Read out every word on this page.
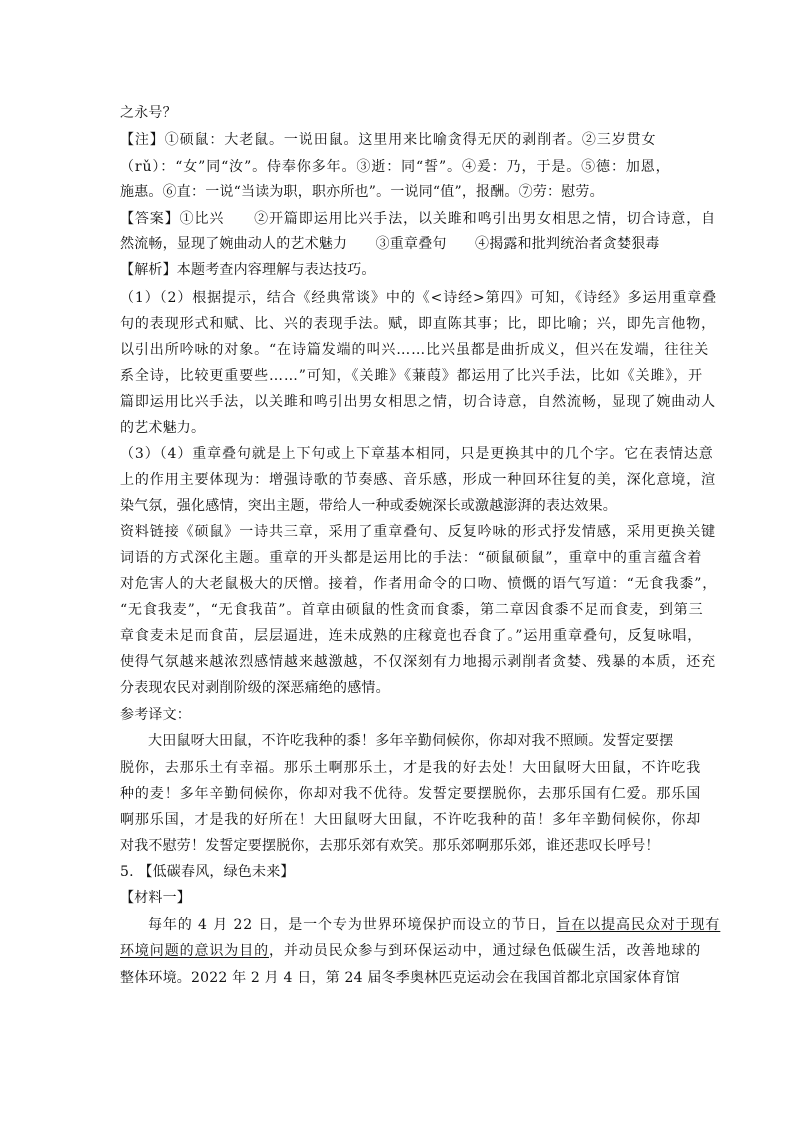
之永号？
【注】①硕鼠：大老鼠。一说田鼠。这里用来比喻贪得无厌的剥削者。②三岁贯女
（rǔ）：“女”同“汝”。侍奉你多年。③逝：同“誓”。④爰：乃，于是。⑤德：加恩，
施惠。⑥直：一说“当读为职，职亦所也”。一说同“值”，报酬。⑦劳：慰劳。
【答案】①比兴　　②开篇即运用比兴手法，以关雎和鸣引出男女相思之情，切合诗意，自
然流畅，显现了婉曲动人的艺术魅力　　③重章叠句　　④揭露和批判统治者贪婪狠毒
【解析】本题考查内容理解与表达技巧。
（1）（2）根据提示，结合《经典常谈》中的《<诗经>第四》可知，《诗经》多运用重章叠
句的表现形式和赋、比、兴的表现手法。赋，即直陈其事；比，即比喻；兴，即先言他物，
以引出所吟咏的对象。“在诗篇发端的叫兴……比兴虽都是曲折成义，但兴在发端，往往关
系全诗，比较更重要些……”可知，《关雎》《蒹葭》都运用了比兴手法，比如《关雎》，开
篇即运用比兴手法，以关雎和鸣引出男女相思之情，切合诗意，自然流畅，显现了婉曲动人
的艺术魅力。
（3）（4）重章叠句就是上下句或上下章基本相同，只是更换其中的几个字。它在表情达意
上的作用主要体现为：增强诗歌的节奏感、音乐感，形成一种回环往复的美，深化意境，渲
染气氛，强化感情，突出主题，带给人一种或委婉深长或激越澎湃的表达效果。
资料链接《硕鼠》一诗共三章，采用了重章叠句、反复吟咏的形式抒发情感，采用更换关键
词语的方式深化主题。重章的开头都是运用比的手法：“硕鼠硕鼠”，重章中的重言蕴含着
对危害人的大老鼠极大的厌憎。接着，作者用命令的口吻、愤慨的语气写道：“无食我黍”，
“无食我麦”，“无食我苗”。首章由硕鼠的性贪而食黍，第二章因食黍不足而食麦，到第三
章食麦未足而食苗，层层逼进，连未成熟的庄稼竟也吞食了。”运用重章叠句，反复咏唱，
使得气氛越来越浓烈感情越来越激越，不仅深刻有力地揭示剥削者贪婪、残暴的本质，还充
分表现农民对剥削阶级的深恶痛绝的感情。
参考译文：
大田鼠呀大田鼠，不许吃我种的黍！多年辛勤伺候你，你却对我不照顾。发誓定要摆
脱你，去那乐土有幸福。那乐土啊那乐土，才是我的好去处！大田鼠呀大田鼠，不许吃我
种的麦！多年辛勤伺候你，你却对我不优待。发誓定要摆脱你，去那乐国有仁爱。那乐国
啊那乐国，才是我的好所在！大田鼠呀大田鼠，不许吃我种的苗！多年辛勤伺候你，你却
对我不慰劳！发誓定要摆脱你，去那乐郊有欢笑。那乐郊啊那乐郊，谁还悲叹长呼号！
5. 【低碳春风，绿色未来】
【材料一】
每年的 4 月 22 日，是一个专为世界环境保护而设立的节日，旨在以提高民众对于现有
环境问题的意识为目的，并动员民众参与到环保运动中，通过绿色低碳生活，改善地球的
整体环境。2022 年 2 月 4 日，第 24 届冬季奥林匹克运动会在我国首都北京国家体育馆
